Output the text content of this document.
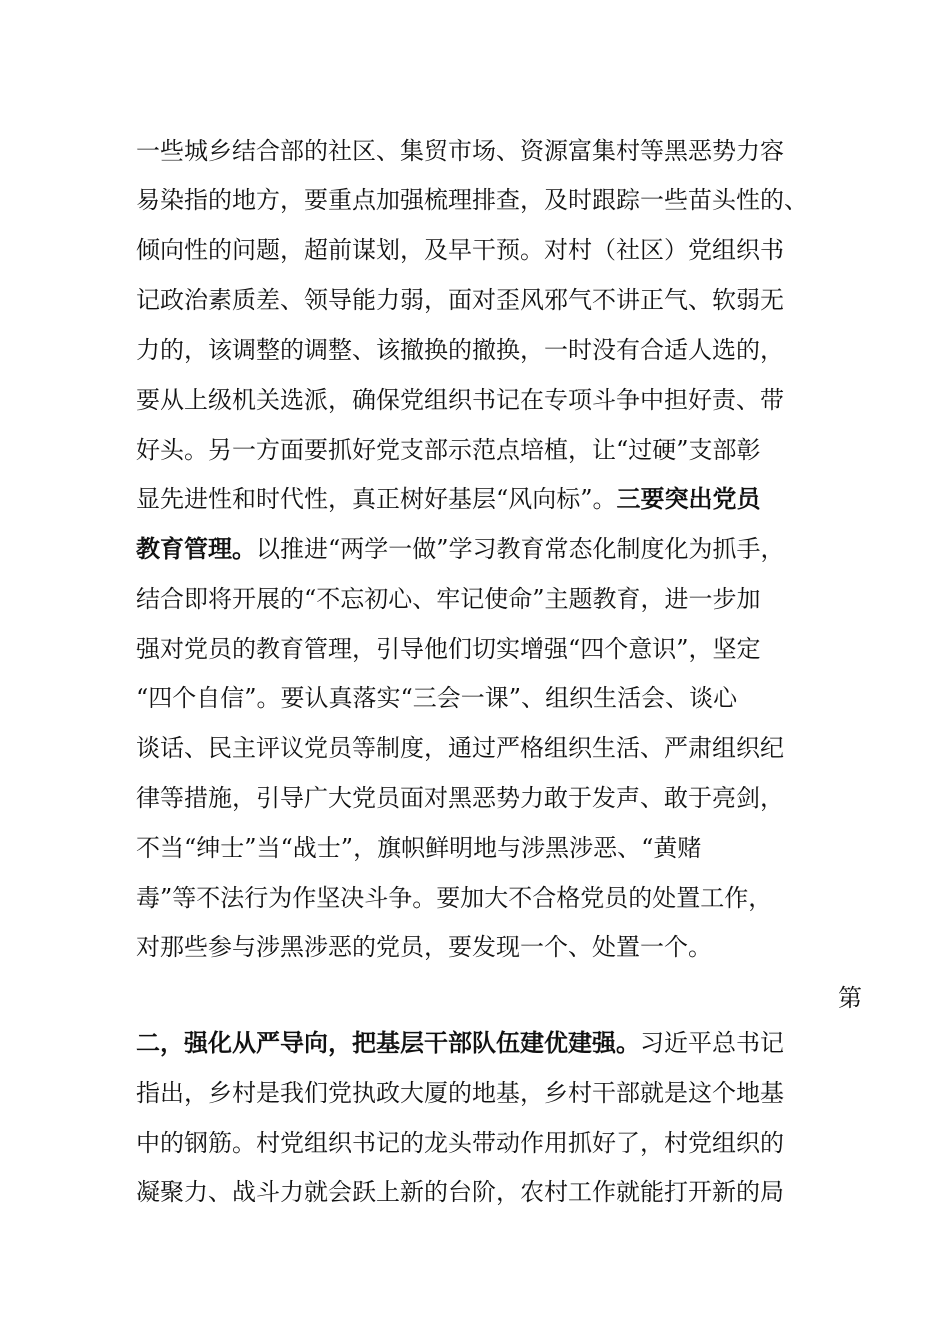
一些城乡结合部的社区、集贸市场、资源富集村等黑恶势力容
易染指的地方，要重点加强梳理排查，及时跟踪一些苗头性的、
倾向性的问题，超前谋划，及早干预。对村（社区）党组织书
记政治素质差、领导能力弱，面对歪风邪气不讲正气、软弱无
力的，该调整的调整、该撤换的撤换，一时没有合适人选的，
要从上级机关选派，确保党组织书记在专项斗争中担好责、带
好头。另一方面要抓好党支部示范点培植，让“过硬”支部彰
显先进性和时代性，真正树好基层“风向标”。三要突出党员
教育管理。以推进“两学一做”学习教育常态化制度化为抓手，
结合即将开展的“不忘初心、牢记使命”主题教育，进一步加
强对党员的教育管理，引导他们切实增强“四个意识”，坚定
“四个自信”。要认真落实“三会一课”、组织生活会、谈心
谈话、民主评议党员等制度，通过严格组织生活、严肃组织纪
律等措施，引导广大党员面对黑恶势力敢于发声、敢于亮剑，
不当“绅士”当“战士”，旗帜鲜明地与涉黑涉恶、“黄赌
毒”等不法行为作坚决斗争。要加大不合格党员的处置工作，
对那些参与涉黑涉恶的党员，要发现一个、处置一个。
第
二，强化从严导向，把基层干部队伍建优建强。习近平总书记
指出，乡村是我们党执政大厦的地基，乡村干部就是这个地基
中的钢筋。村党组织书记的龙头带动作用抓好了，村党组织的
凝聚力、战斗力就会跃上新的台阶，农村工作就能打开新的局
